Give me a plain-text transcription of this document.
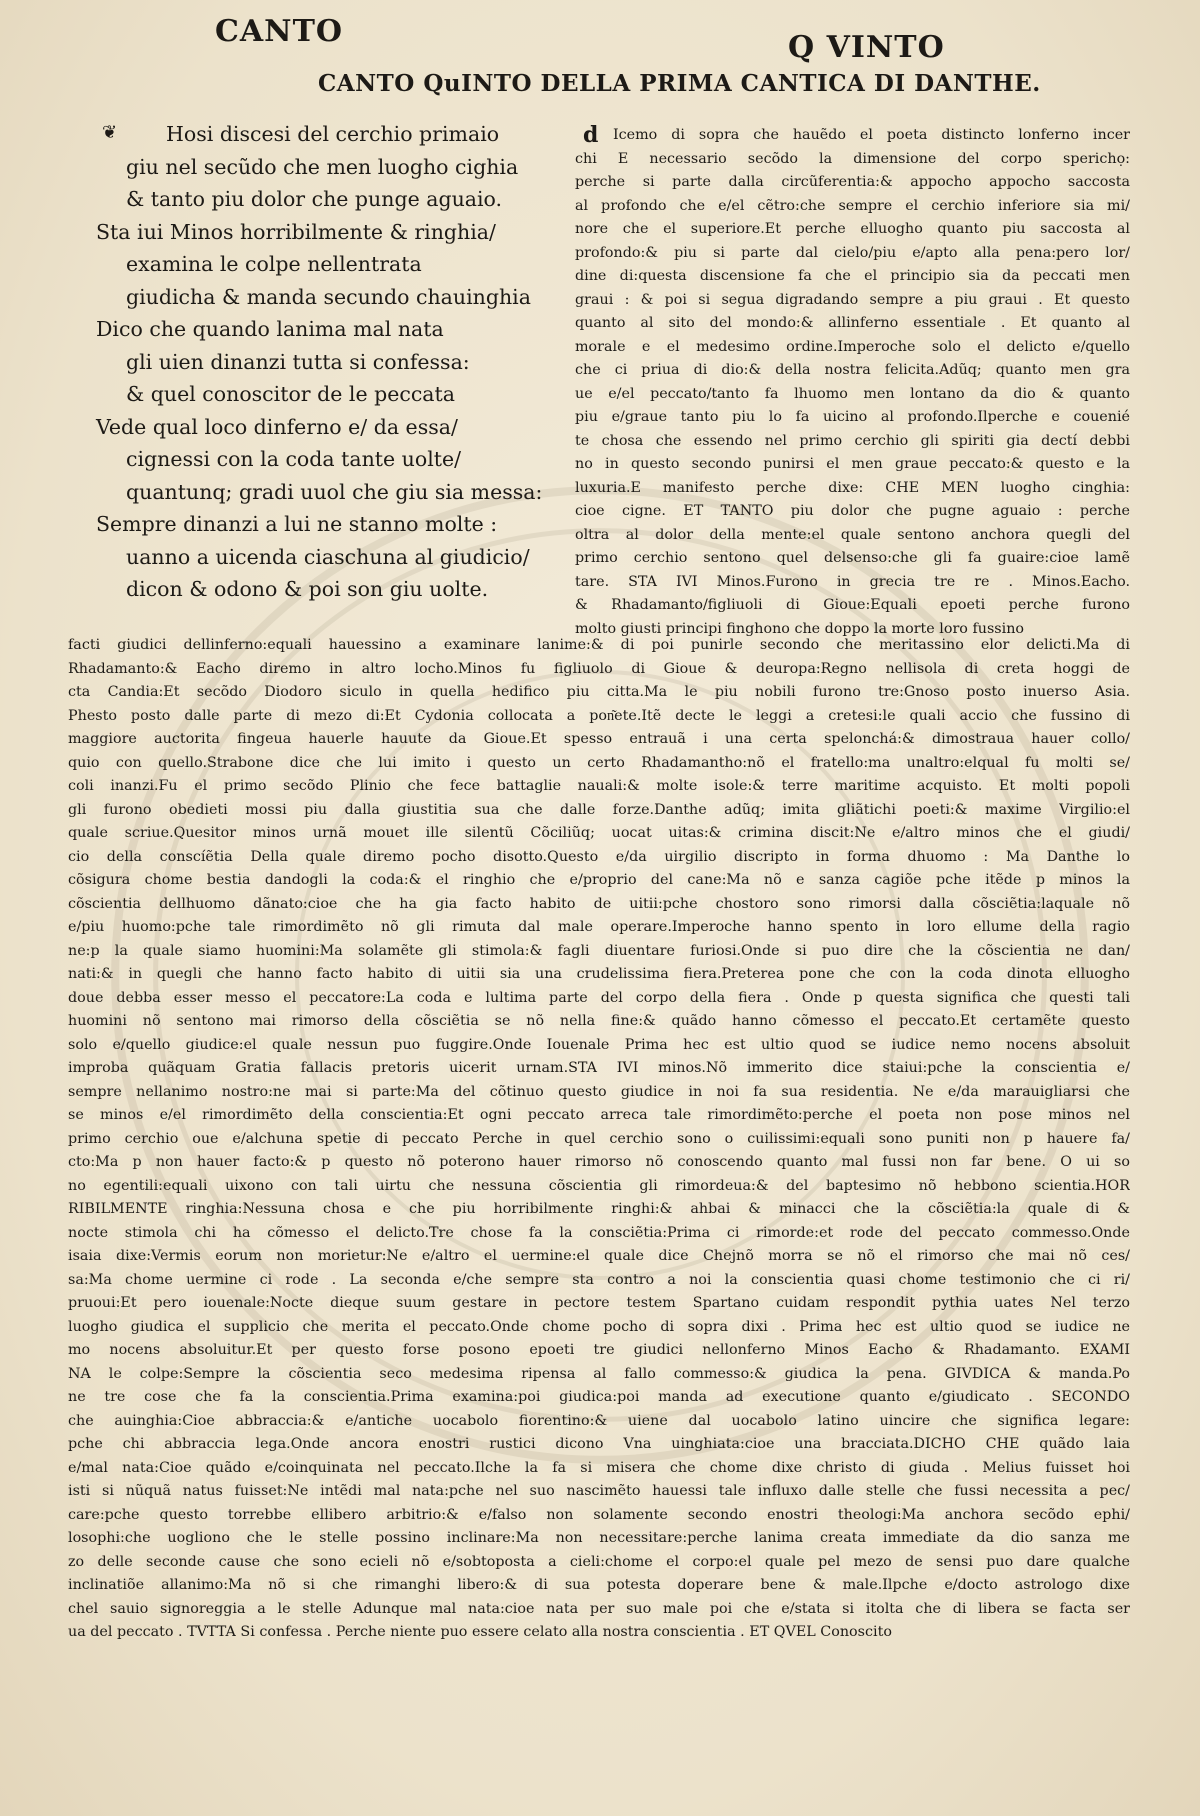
CANTO	Q VINTO
CANTO QuINTO DELLA PRIMA CANTICA DI DANTHE.
❦	Hosi discesi del cerchio primaio
giu nel secũdo che men luogho cighia
& tanto piu dolor che punge aguaio.
Sta iui Minos horribilmente & ringhia/
examina le colpe nellentrata
giudicha & manda secundo chauinghia
Dico che quando lanima mal nata
gli uien dinanzi tutta si confessa:
& quel conoscitor de le peccata
Vede qual loco dinferno e/ da essa/
cignessi con la coda tante uolte/
quantunq; gradi uuol che giu sia messa:
Sempre dinanzi a lui ne stanno molte :
uanno a uicenda ciaschuna al giudicio/
dicon & odono & poi son giu uolte.
d	Icemo di sopra che hauẽdo el poeta distincto lonferno incer
chi E necessario secõdo la dimensione del corpo sperichọ:
perche si parte dalla circũferentia:& appocho appocho saccosta
al profondo che e/el cẽtro:che sempre el cerchio inferiore sia mi/
nore che el superiore.Et perche elluogho quanto piu saccosta al
profondo:& piu si parte dal cielo/piu e/apto alla pena:pero lor/
dine di:questa discensione fa che el principio sia da peccati men
graui : & poi si segua digradando sempre a piu graui . Et questo
quanto al sito del mondo:& allinferno essentiale . Et quanto al
morale e el medesimo ordine.Imperoche solo el delicto e/quello
che ci priua di dio:& della nostra felicita.Adũq; quanto men gra
ue e/el peccato/tanto fa lhuomo men lontano da dio & quanto
piu e/graue tanto piu lo fa uicino al profondo.Ilperche e couenié
te chosa che essendo nel primo cerchio gli spiriti gia dectí debbi
no in questo secondo punirsi el men graue peccato:& questo e la
luxuria.E manifesto perche dixe: CHE MEN luogho cinghia:
cioe cigne. ET TANTO piu dolor che pugne aguaio : perche
oltra al dolor della mente:el quale sentono anchora quegli del
primo cerchio sentono quel delsenso:che gli fa guaire:cioe lamẽ
tare. STA IVI Minos.Furono in grecia tre re . Minos.Eacho.
& Rhadamanto/figliuoli di Gioue:Equali epoeti perche furono
molto giusti principi finghono che doppo la morte loro fussino
facti giudici dellinferno:equali hauessino a examinare lanime:& di poi punirle secondo che meritassino elor delicti.Ma di
Rhadamanto:& Eacho diremo in altro locho.Minos fu figliuolo di Gioue & deuropa:Regno nellisola di creta hoggi de
cta Candia:Et secõdo Diodoro siculo in quella hedifico piu citta.Ma le piu nobili furono tre:Gnoso posto inuerso Asia.
Phesto posto dalle parte di mezo di:Et Cydonia collocata a pon͂ete.Itẽ decte le leggi a cretesi:le quali accio che fussino di
maggiore auctorita fingeua hauerle hauute da Gioue.Et spesso entrauã i una certa spelonchá:& dimostraua hauer collo/
quio con quello.Strabone dice che lui imito i questo un certo Rhadamantho:nõ el fratello:ma unaltro:elqual fu molti se/
coli inanzi.Fu el primo secõdo Plinio che fece battaglie nauali:& molte isole:& terre maritime acquisto. Et molti popoli
gli furono obedieti mossi piu dalla giustitia sua che dalle forze.Danthe adũq; imita gliãtichi poeti:& maxime Virgilio:el
quale scriue.Quesitor minos urnã mouet ille silentũ Cõciliũq; uocat uitas:& crimina discit:Ne e/altro minos che el giudi/
cio della conscíẽtia Della quale diremo pocho disotto.Questo e/da uirgilio discripto in forma dhuomo : Ma Danthe lo
cõsigura chome bestia dandogli la coda:& el ringhio che e/proprio del cane:Ma nõ e sanza cagiõe pche itẽde p minos la
cõscientia dellhuomo dãnato:cioe che ha gia facto habito de uitii:pche chostoro sono rimorsi dalla cõsciẽtia:laquale nõ
e/piu huomo:pche tale rimordimẽto nõ gli rimuta dal male operare.Imperoche hanno spento in loro ellume della ragio
ne:p la quale siamo huomini:Ma solamẽte gli stimola:& fagli diuentare furiosi.Onde si puo dire che la cõscientia ne dan/
nati:& in quegli che hanno facto habito di uitii sia una crudelissima fiera.Preterea pone che con la coda dinota elluogho
doue debba esser messo el peccatore:La coda e lultima parte del corpo della fiera . Onde p questa significa che questi tali
huomini nõ sentono mai rimorso della cõsciẽtia se nõ nella fine:& quãdo hanno cõmesso el peccato.Et certamẽte questo
solo e/quello giudice:el quale nessun puo fuggire.Onde Iouenale Prima hec est ultio quod se iudice nemo nocens absoluit
improba quãquam Gratia fallacis pretoris uicerit urnam.STA IVI minos.Nõ immerito dice staiui:pche la conscientia e/
sempre nellanimo nostro:ne mai si parte:Ma del cõtinuo questo giudice in noi fa sua residentia. Ne e/da marauigliarsi che
se minos e/el rimordimẽto della conscientia:Et ogni peccato arreca tale rimordimẽto:perche el poeta non pose minos nel
primo cerchio oue e/alchuna spetie di peccato Perche in quel cerchio sono o cuilissimi:equali sono puniti non p hauere fa/
cto:Ma p non hauer facto:& p questo nõ poterono hauer rimorso nõ conoscendo quanto mal fussi non far bene. O ui so
no egentili:equali uixono con tali uirtu che nessuna cõscientia gli rimordeua:& del baptesimo nõ hebbono scientia.HOR
RIBILMENTE ringhia:Nessuna chosa e che piu horribilmente ringhi:& ahbai & minacci che la cõsciẽtia:la quale di &
nocte stimola chi ha cõmesso el delicto.Tre chose fa la consciẽtia:Prima ci rimorde:et rode del peccato commesso.Onde
isaia dixe:Vermis eorum non morietur:Ne e/altro el uermine:el quale dice Chejnõ morra se nõ el rimorso che mai nõ ces/
sa:Ma chome uermine ci rode . La seconda e/che sempre sta contro a noi la conscientia quasi chome testimonio che ci ri/
pruoui:Et pero iouenale:Nocte dieque suum gestare in pectore testem Spartano cuidam respondit pythia uates Nel terzo
luogho giudica el supplicio che merita el peccato.Onde chome pocho di sopra dixi . Prima hec est ultio quod se iudice ne
mo nocens absoluitur.Et per questo forse posono epoeti tre giudici nellonferno Minos Eacho & Rhadamanto. EXAMI
NA le colpe:Sempre la cõscientia seco medesima ripensa al fallo commesso:& giudica la pena. GIVDICA & manda.Po
ne tre cose che fa la conscientia.Prima examina:poi giudica:poi manda ad executione quanto e/giudicato . SECONDO
che auinghia:Cioe abbraccia:& e/antiche uocabolo fiorentino:& uiene dal uocabolo latino uincire che significa legare:
pche chi abbraccia lega.Onde ancora enostri rustici dicono Vna uinghiata:cioe una bracciata.DICHO CHE quãdo laia
e/mal nata:Cioe quãdo e/coinquinata nel peccato.Ilche la fa si misera che chome dixe christo di giuda . Melius fuisset hoi
isti si nũquã natus fuisset:Ne intẽdi mal nata:pche nel suo nascimẽto hauessi tale influxo dalle stelle che fussi necessita a pec/
care:pche questo torrebbe ellibero arbitrio:& e/falso non solamente secondo enostri theologi:Ma anchora secõdo ephi/
losophi:che uogliono che le stelle possino inclinare:Ma non necessitare:perche lanima creata immediate da dio sanza me
zo delle seconde cause che sono ecieli nõ e/sobtoposta a cieli:chome el corpo:el quale pel mezo de sensi puo dare qualche
inclinatiõe allanimo:Ma nõ si che rimanghi libero:& di sua potesta doperare bene & male.Ilpche e/docto astrologo dixe
chel sauio signoreggia a le stelle Adunque mal nata:cioe nata per suo male poi che e/stata si itolta che di libera se facta ser
ua del peccato . TVTTA Si confessa . Perche niente puo essere celato alla nostra conscientia . ET QVEL Conoscito
